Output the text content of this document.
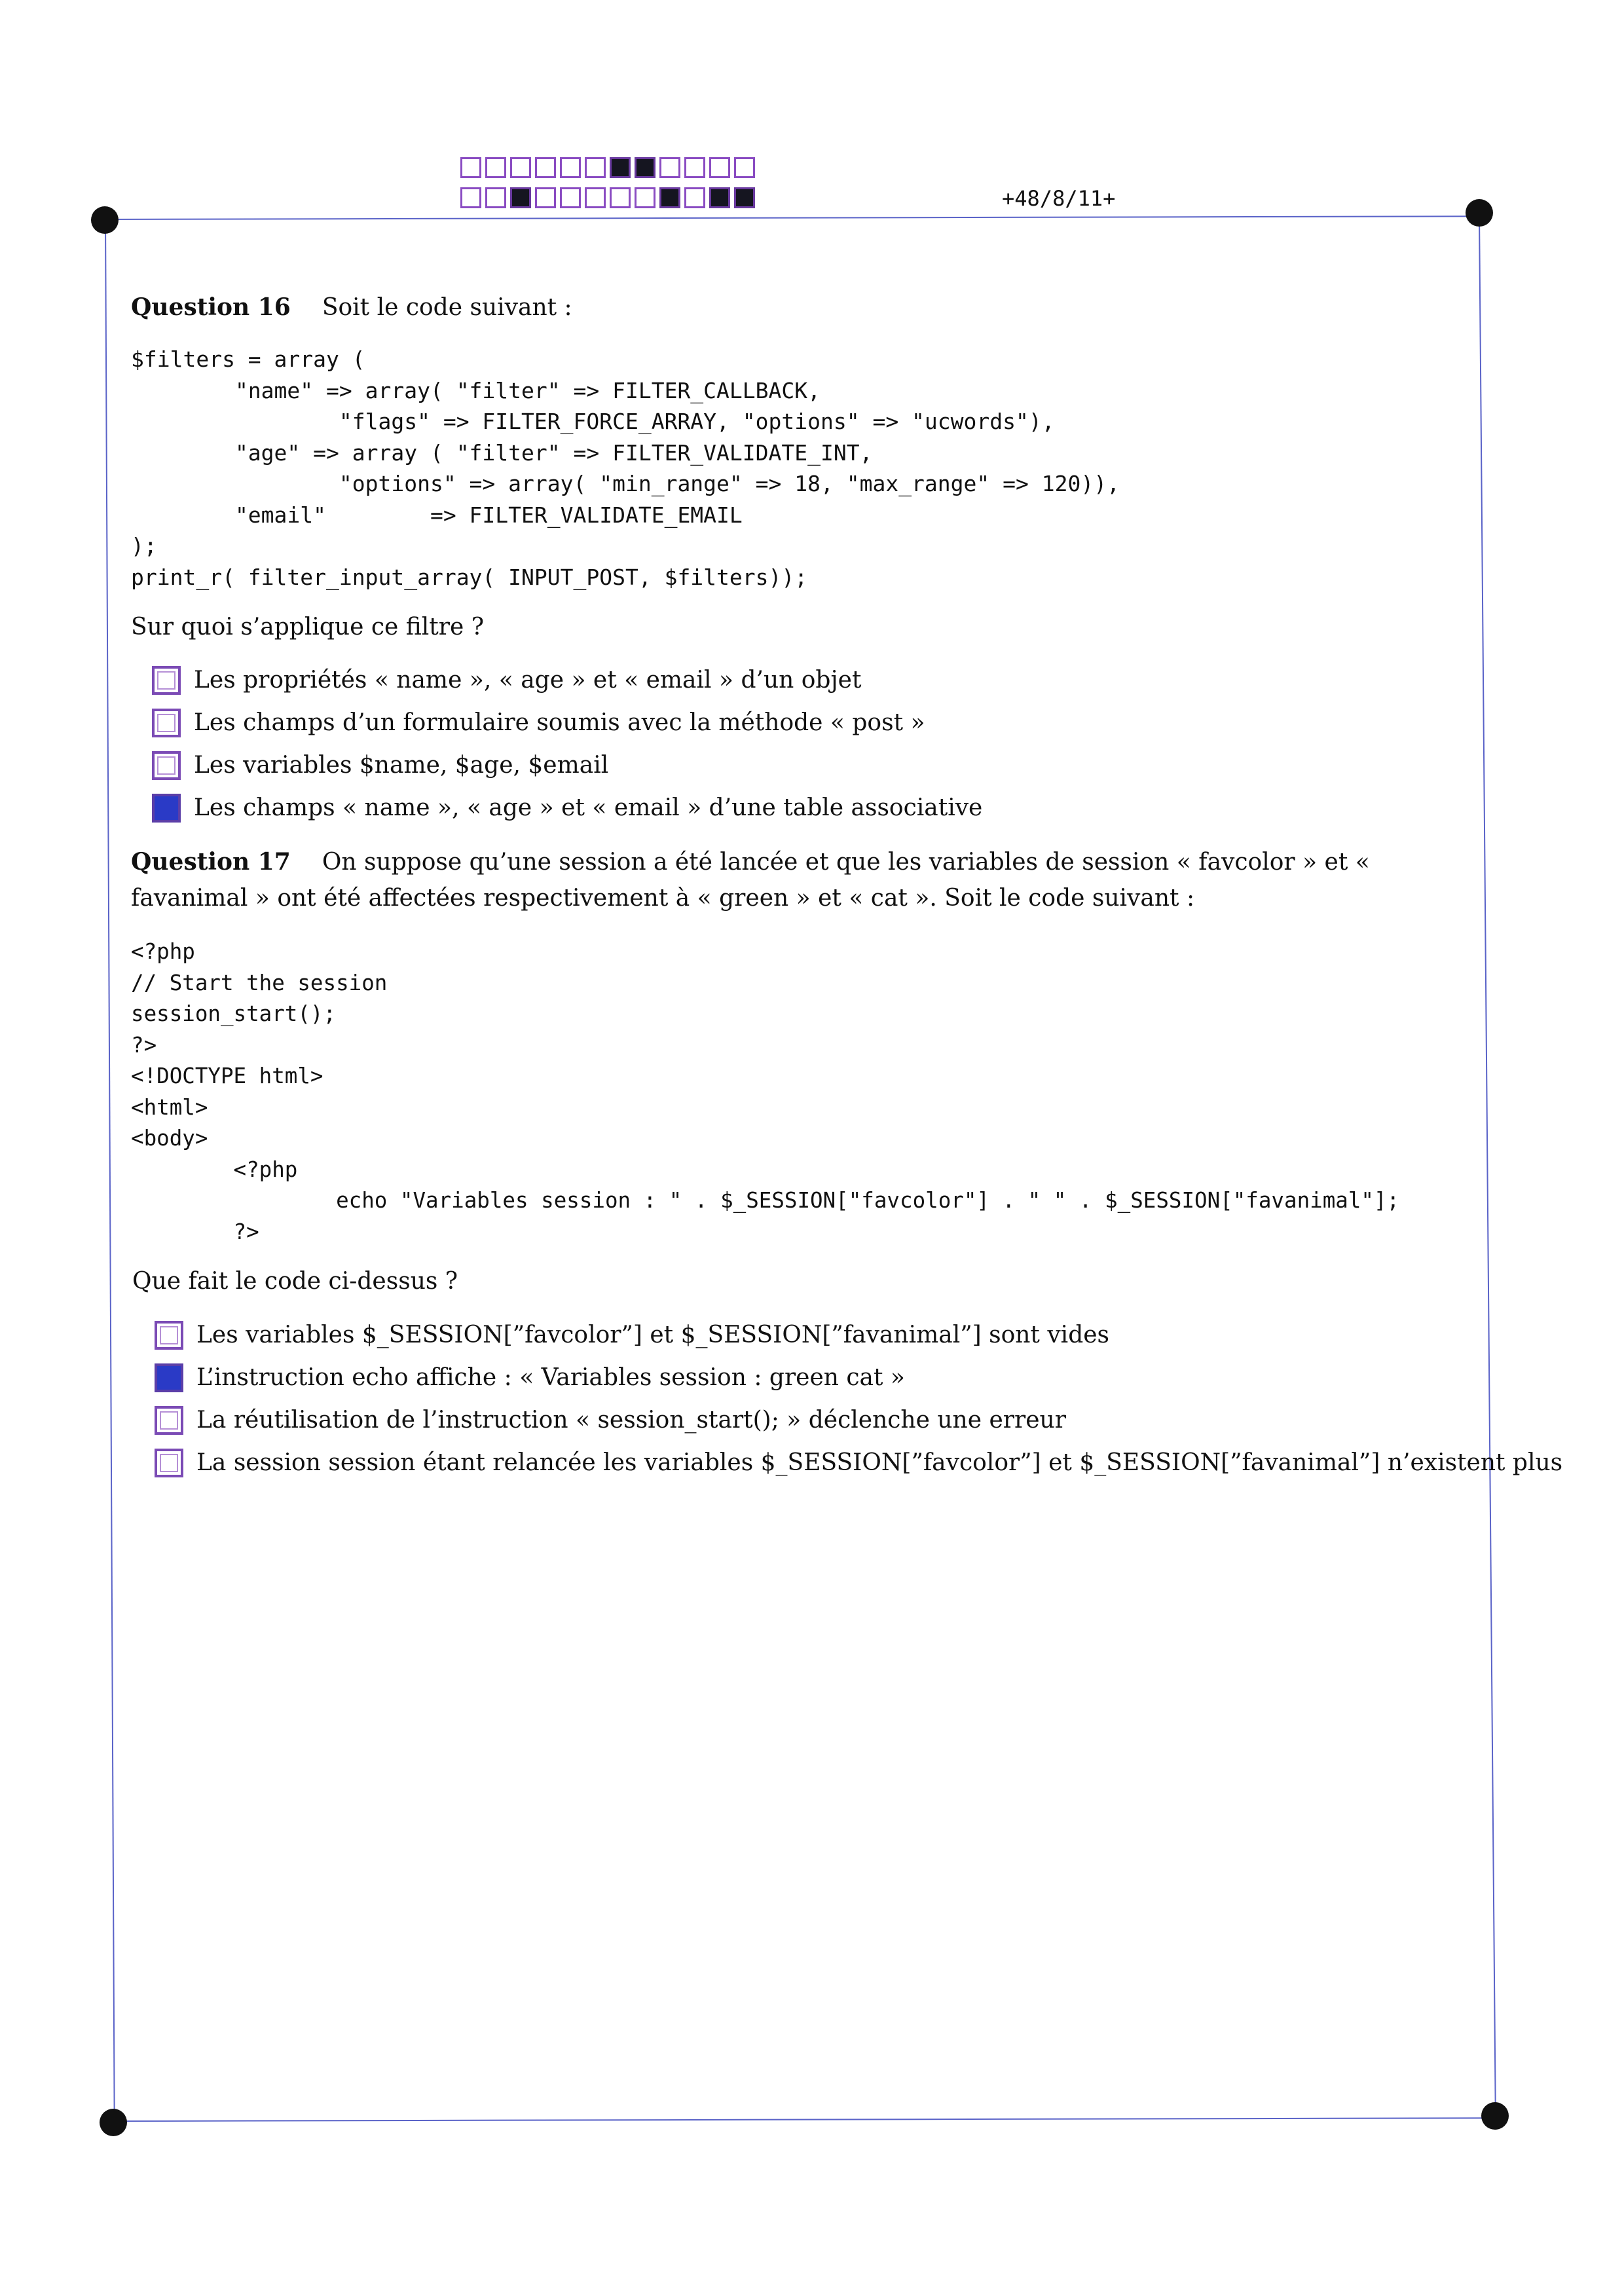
+48/8/11+
Question 16 Soit le code suivant :
$filters = array (
"name" => array( "filter" => FILTER_CALLBACK,
"flags" => FILTER_FORCE_ARRAY, "options" => "ucwords"),
"age" => array ( "filter" => FILTER_VALIDATE_INT,
"options" => array( "min_range" => 18, "max_range" => 120)),
"email"        => FILTER_VALIDATE_EMAIL
);
print_r( filter_input_array( INPUT_POST, $filters));
Sur quoi s’applique ce filtre ?
Les propriétés « name », « age » et « email » d’un objet
Les champs d’un formulaire soumis avec la méthode « post »
Les variables $name, $age, $email
Les champs « name », « age » et « email » d’une table associative
Question 17 On suppose qu’une session a été lancée et que les variables de session « favcolor » et « favanimal » ont été affectées respectivement à « green » et « cat ». Soit le code suivant :
<?php
// Start the session
session_start();
?>
<!DOCTYPE html>
<html>
<body>
<?php
echo "Variables session : " . $_SESSION["favcolor"] . " " . $_SESSION["favanimal"];
?>
Que fait le code ci-dessus ?
Les variables $_SESSION[”favcolor”] et $_SESSION[”favanimal”] sont vides
L’instruction echo affiche : « Variables session : green cat »
La réutilisation de l’instruction « session_start(); » déclenche une erreur
La session session étant relancée les variables $_SESSION[”favcolor”] et $_SESSION[”favanimal”] n’existent plus
